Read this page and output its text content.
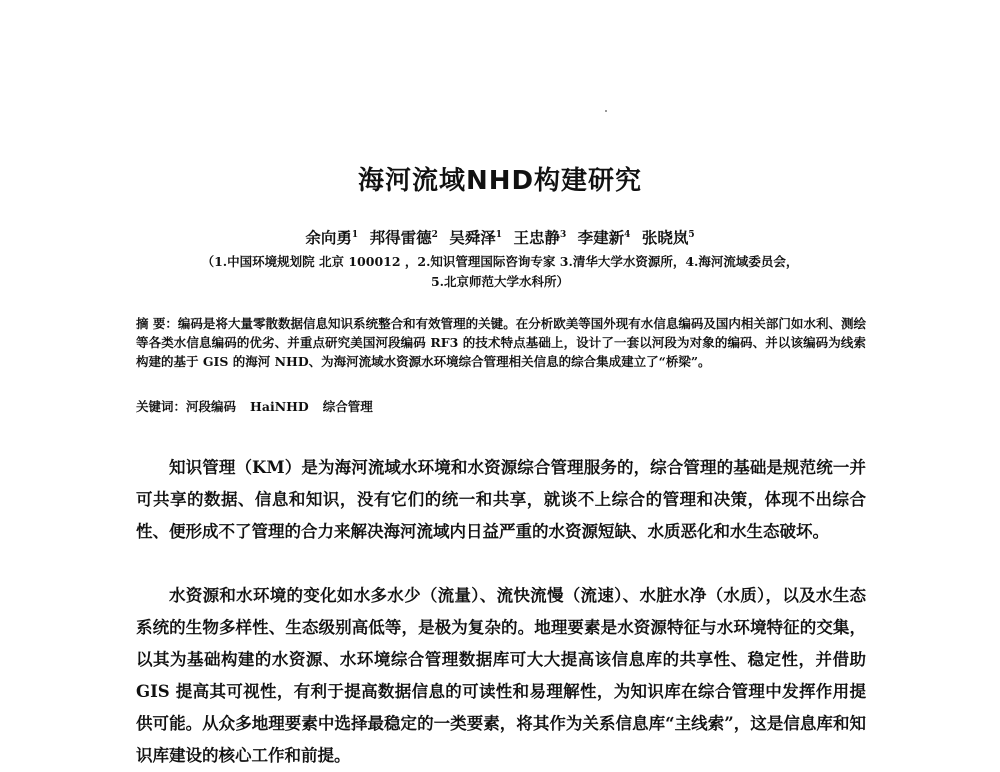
海河流域NHD构建研究
余向勇$^1$ 邦得雷德$^2$ 吴舜泽$^1$ 王忠静$^3$ 李建新$^4$ 张晓岚$^5$
（1.中国环境规划院 北京 100012 ，2.知识管理国际咨询专家 3.清华大学水资源所，4.海河流域委员会，
5.北京师范大学水科所）
摘 要：编码是将大量零散数据信息知识系统整合和有效管理的关键。在分析欧美等国外现有水信息编码及国内相关部门如水利、测绘等各类水信息编码的优劣、并重点研究美国河段编码 RF3 的技术特点基础上，设计了一套以河段为对象的编码、并以该编码为线索构建的基于 GIS 的海河 NHD、为海河流域水资源水环境综合管理相关信息的综合集成建立了“桥梁”。
关键词：河段编码 HaiNHD 综合管理
知识管理（KM）是为海河流域水环境和水资源综合管理服务的，综合管理的基础是规范统一并可共享的数据、信息和知识，没有它们的统一和共享，就谈不上综合的管理和决策，体现不出综合性、便形成不了管理的合力来解决海河流域内日益严重的水资源短缺、水质恶化和水生态破坏。
水资源和水环境的变化如水多水少（流量）、流快流慢（流速）、水脏水净（水质），以及水生态系统的生物多样性、生态级别高低等，是极为复杂的。地理要素是水资源特征与水环境特征的交集，以其为基础构建的水资源、水环境综合管理数据库可大大提高该信息库的共享性、稳定性，并借助 GIS 提高其可视性，有利于提高数据信息的可读性和易理解性，为知识库在综合管理中发挥作用提供可能。从众多地理要素中选择最稳定的一类要素，将其作为关系信息库“主线索”，这是信息库和知识库建设的核心工作和前提。
